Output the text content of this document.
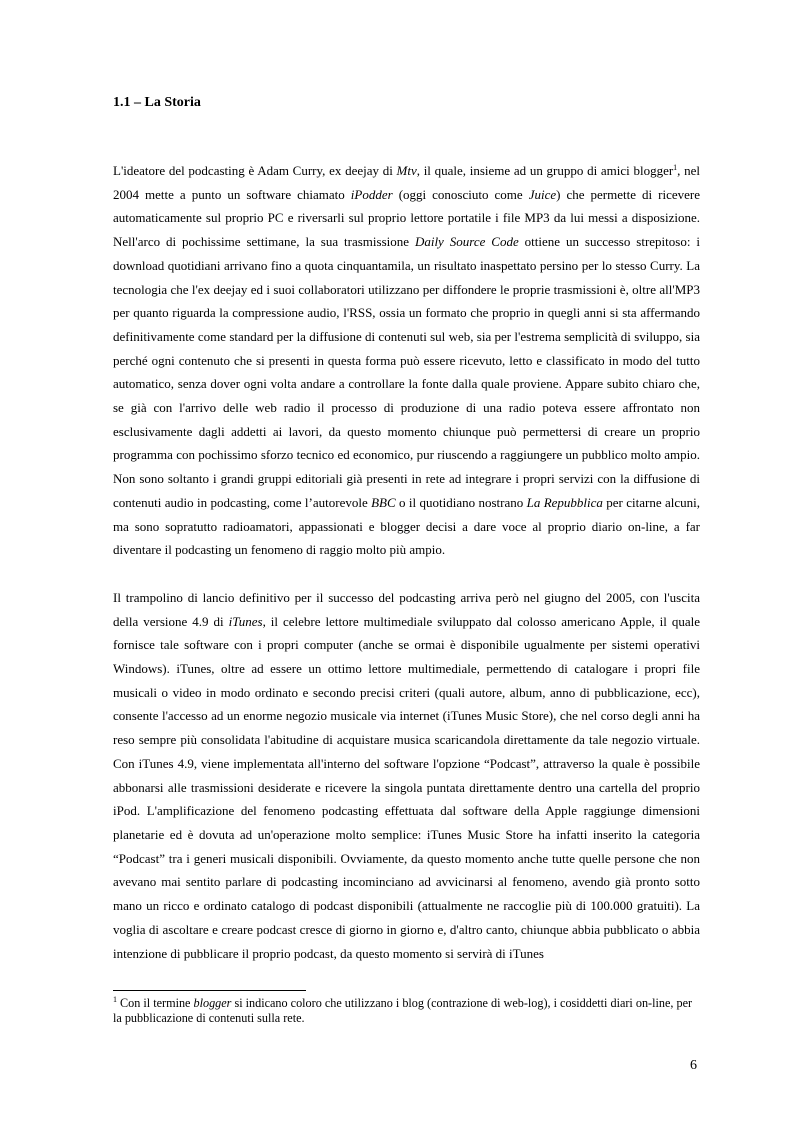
1.1 – La Storia

L'ideatore del podcasting è Adam Curry, ex deejay di Mtv, il quale, insieme ad un gruppo di amici blogger$^1$, nel 2004 mette a punto un software chiamato iPodder (oggi conosciuto come Juice) che permette di ricevere automaticamente sul proprio PC e riversarli sul proprio lettore portatile i file MP3 da lui messi a disposizione. Nell'arco di pochissime settimane, la sua trasmissione Daily Source Code ottiene un successo strepitoso: i download quotidiani arrivano fino a quota cinquantamila, un risultato inaspettato persino per lo stesso Curry. La tecnologia che l'ex deejay ed i suoi collaboratori utilizzano per diffondere le proprie trasmissioni è, oltre all'MP3 per quanto riguarda la compressione audio, l'RSS, ossia un formato che proprio in quegli anni si sta affermando definitivamente come standard per la diffusione di contenuti sul web, sia per l'estrema semplicità di sviluppo, sia perché ogni contenuto che si presenti in questa forma può essere ricevuto, letto e classificato in modo del tutto automatico, senza dover ogni volta andare a controllare la fonte dalla quale proviene. Appare subito chiaro che, se già con l'arrivo delle web radio il processo di produzione di una radio poteva essere affrontato non esclusivamente dagli addetti ai lavori, da questo momento chiunque può permettersi di creare un proprio programma con pochissimo sforzo tecnico ed economico, pur riuscendo a raggiungere un pubblico molto ampio. Non sono soltanto i grandi gruppi editoriali già presenti in rete ad integrare i propri servizi con la diffusione di contenuti audio in podcasting, come l’autorevole BBC o il quotidiano nostrano La Repubblica per citarne alcuni, ma sono sopratutto radioamatori, appassionati e blogger decisi a dare voce al proprio diario on-line, a far diventare il podcasting un fenomeno di raggio molto più ampio.

Il trampolino di lancio definitivo per il successo del podcasting arriva però nel giugno del 2005, con l'uscita della versione 4.9 di iTunes, il celebre lettore multimediale sviluppato dal colosso americano Apple, il quale fornisce tale software con i propri computer (anche se ormai è disponibile ugualmente per sistemi operativi Windows). iTunes, oltre ad essere un ottimo lettore multimediale, permettendo di catalogare i propri file musicali o video in modo ordinato e secondo precisi criteri (quali autore, album, anno di pubblicazione, ecc), consente l'accesso ad un enorme negozio musicale via internet (iTunes Music Store), che nel corso degli anni ha reso sempre più consolidata l'abitudine di acquistare musica scaricandola direttamente da tale negozio virtuale. Con iTunes 4.9, viene implementata all'interno del software l'opzione “Podcast”, attraverso la quale è possibile abbonarsi alle trasmissioni desiderate e ricevere la singola puntata direttamente dentro una cartella del proprio iPod. L'amplificazione del fenomeno podcasting effettuata dal software della Apple raggiunge dimensioni planetarie ed è dovuta ad un'operazione molto semplice: iTunes Music Store ha infatti inserito la categoria “Podcast” tra i generi musicali disponibili. Ovviamente, da questo momento anche tutte quelle persone che non avevano mai sentito parlare di podcasting incominciano ad avvicinarsi al fenomeno, avendo già pronto sotto mano un ricco e ordinato catalogo di podcast disponibili (attualmente ne raccoglie più di 100.000 gratuiti). La voglia di ascoltare e creare podcast cresce di giorno in giorno e, d'altro canto, chiunque abbia pubblicato o abbia intenzione di pubblicare il proprio podcast, da questo momento si servirà di iTunes

$^1$ Con il termine blogger si indicano coloro che utilizzano i blog (contrazione di web-log), i cosiddetti diari on-line, per la pubblicazione di contenuti sulla rete.

6
